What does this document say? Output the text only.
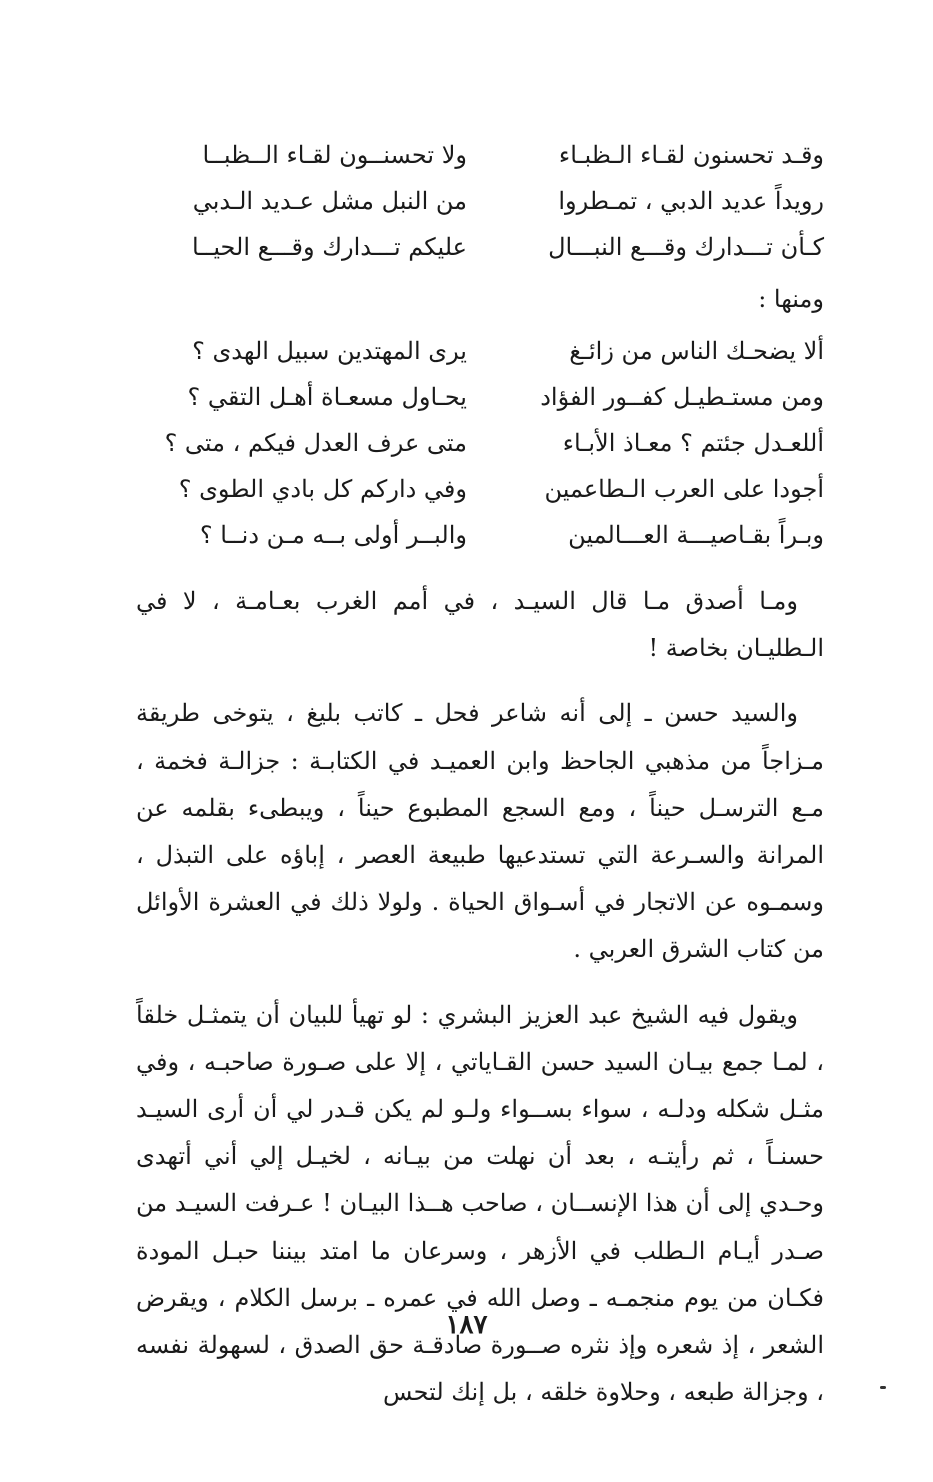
وقـد تحسنون لقـاء الـظبـاء
ولا تحسنــون لقـاء الــظبــا
رويداً عديد الدبي ، تمـطروا
من النبل مشل عـديد الـدبي
كـأن تـــدارك وقـــع النبـــال
عليكم تـــدارك وقـــع الحيــا
ومنها :
ألا يضحـك الناس من زائـغ
يرى المهتدين سبيل الهدى ؟
ومن مستـطيـل كفــور الفؤاد
يحـاول مسعـاة أهـل التقي ؟
أللعـدل جئتم ؟ معـاذ الأبـاء
متى عرف العدل فيكم ، متى ؟
أجودا على العرب الـطاعمين
وفي داركم كل بادي الطوى ؟
وبـراً بقـاصيـــة العـــالمين
والبــر أولى بــه مـن دنــا ؟

ومـا أصدق مـا قال السيـد ، في أمم الغرب بعـامـة ، لا في الـطليـان بخاصة !

والسيد حسن ـ إلى أنه شاعر فحل ـ كاتب بليغ ، يتوخى طريقة مـزاجاً من مذهبي الجاحظ وابن العميـد في الكتابـة : جزالـة فخمة ، مـع الترسـل حيناً ، ومع السجع المطبوع حيناً ، ويبطىء بقلمه عن المرانة والسـرعة التي تستدعيها طبيعة العصر ، إباؤه على التبذل ، وسمـوه عن الاتجار في أسـواق الحياة . ولولا ذلك في العشرة الأوائل من كتاب الشرق العربي .

ويقول فيه الشيخ عبد العزيز البشري : لو تهيأ للبيان أن يتمثـل خلقاً ، لمـا جمع بيـان السيد حسن القـاياتي ، إلا على صـورة صاحبـه ، وفي مثـل شكله ودلـه ، سواء بســواء ولـو لم يكن قـدر لي أن أرى السيـد حسنـاً ، ثم رأيتـه ، بعد أن نهلت من بيـانه ، لخيـل إلي أني أتهدى وحـدي إلى أن هذا الإنســان ، صاحب هــذا البيـان ! عـرفت السيـد من صـدر أيـام الـطلب في الأزهر ، وسرعان ما امتد بيننا حبـل المودة فكـان من يوم منجمـه ـ وصل الله في عمره ـ برسل الكلام ، ويقرض الشعر ، إذ شعره وإذ نثره صــورة صادقـة حق الصدق ، لسهولة نفسه ، وجزالة طبعه ، وحلاوة خلقه ، بل إنك لتحس

١٨٧
